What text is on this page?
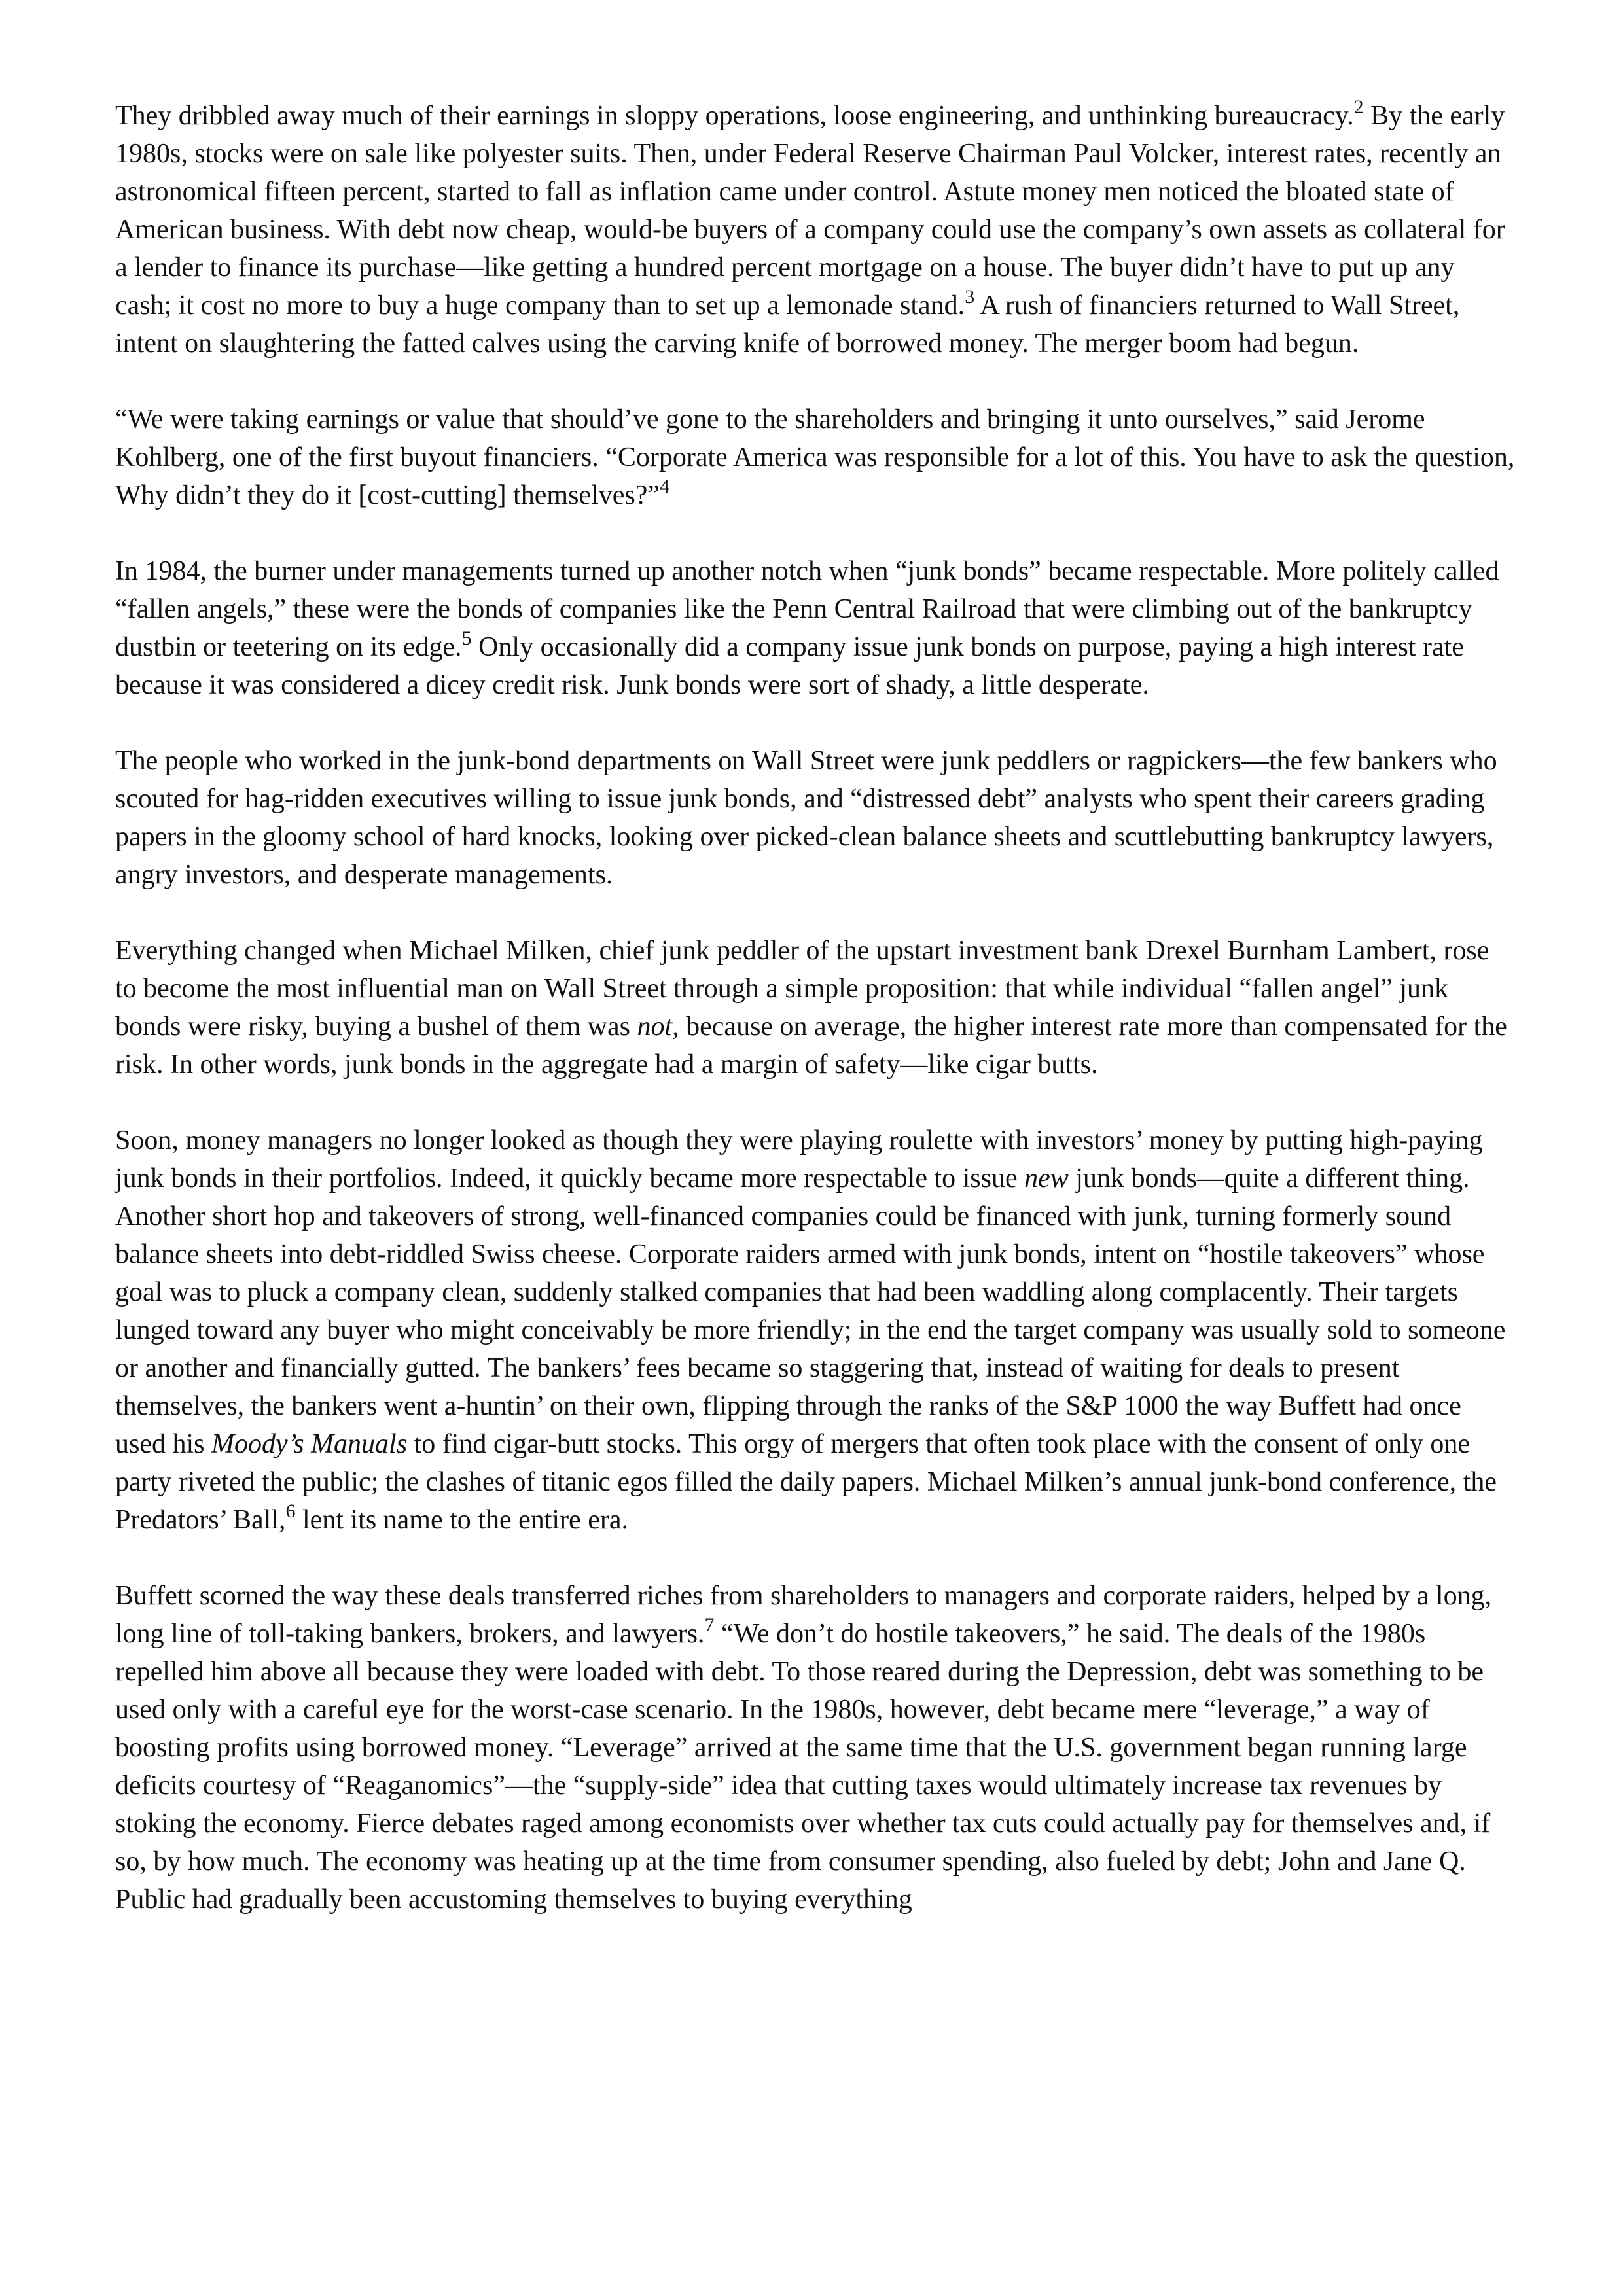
They dribbled away much of their earnings in sloppy operations, loose engineering, and unthinking bureaucracy.$^2$ By the early 1980s, stocks were on sale like polyester suits. Then, under Federal Reserve Chairman Paul Volcker, interest rates, recently an astronomical fifteen percent, started to fall as inflation came under control. Astute money men noticed the bloated state of American business. With debt now cheap, would-be buyers of a company could use the company’s own assets as collateral for a lender to finance its purchase—like getting a hundred percent mortgage on a house. The buyer didn’t have to put up any cash; it cost no more to buy a huge company than to set up a lemonade stand.$^3$ A rush of financiers returned to Wall Street, intent on slaughtering the fatted calves using the carving knife of borrowed money. The merger boom had begun.

“We were taking earnings or value that should’ve gone to the shareholders and bringing it unto ourselves,” said Jerome Kohlberg, one of the first buyout financiers. “Corporate America was responsible for a lot of this. You have to ask the question, Why didn’t they do it [cost-cutting] themselves?”$^4$

In 1984, the burner under managements turned up another notch when “junk bonds” became respectable. More politely called “fallen angels,” these were the bonds of companies like the Penn Central Railroad that were climbing out of the bankruptcy dustbin or teetering on its edge.$^5$ Only occasionally did a company issue junk bonds on purpose, paying a high interest rate because it was considered a dicey credit risk. Junk bonds were sort of shady, a little desperate.

The people who worked in the junk-bond departments on Wall Street were junk peddlers or ragpickers—the few bankers who scouted for hag-ridden executives willing to issue junk bonds, and “distressed debt” analysts who spent their careers grading papers in the gloomy school of hard knocks, looking over picked-clean balance sheets and scuttlebutting bankruptcy lawyers, angry investors, and desperate managements.

Everything changed when Michael Milken, chief junk peddler of the upstart investment bank Drexel Burnham Lambert, rose to become the most influential man on Wall Street through a simple proposition: that while individual “fallen angel” junk bonds were risky, buying a bushel of them was not, because on average, the higher interest rate more than compensated for the risk. In other words, junk bonds in the aggregate had a margin of safety—like cigar butts.

Soon, money managers no longer looked as though they were playing roulette with investors’ money by putting high-paying junk bonds in their portfolios. Indeed, it quickly became more respectable to issue new junk bonds—quite a different thing. Another short hop and takeovers of strong, well-financed companies could be financed with junk, turning formerly sound balance sheets into debt-riddled Swiss cheese. Corporate raiders armed with junk bonds, intent on “hostile takeovers” whose goal was to pluck a company clean, suddenly stalked companies that had been waddling along complacently. Their targets lunged toward any buyer who might conceivably be more friendly; in the end the target company was usually sold to someone or another and financially gutted. The bankers’ fees became so staggering that, instead of waiting for deals to present themselves, the bankers went a-huntin’ on their own, flipping through the ranks of the S&P 1000 the way Buffett had once used his Moody’s Manuals to find cigar-butt stocks. This orgy of mergers that often took place with the consent of only one party riveted the public; the clashes of titanic egos filled the daily papers. Michael Milken’s annual junk-bond conference, the Predators’ Ball,$^6$ lent its name to the entire era.

Buffett scorned the way these deals transferred riches from shareholders to managers and corporate raiders, helped by a long, long line of toll-taking bankers, brokers, and lawyers.$^7$ “We don’t do hostile takeovers,” he said. The deals of the 1980s repelled him above all because they were loaded with debt. To those reared during the Depression, debt was something to be used only with a careful eye for the worst-case scenario. In the 1980s, however, debt became mere “leverage,” a way of boosting profits using borrowed money. “Leverage” arrived at the same time that the U.S. government began running large deficits courtesy of “Reaganomics”—the “supply-side” idea that cutting taxes would ultimately increase tax revenues by stoking the economy. Fierce debates raged among economists over whether tax cuts could actually pay for themselves and, if so, by how much. The economy was heating up at the time from consumer spending, also fueled by debt; John and Jane Q. Public had gradually been accustoming themselves to buying everything
